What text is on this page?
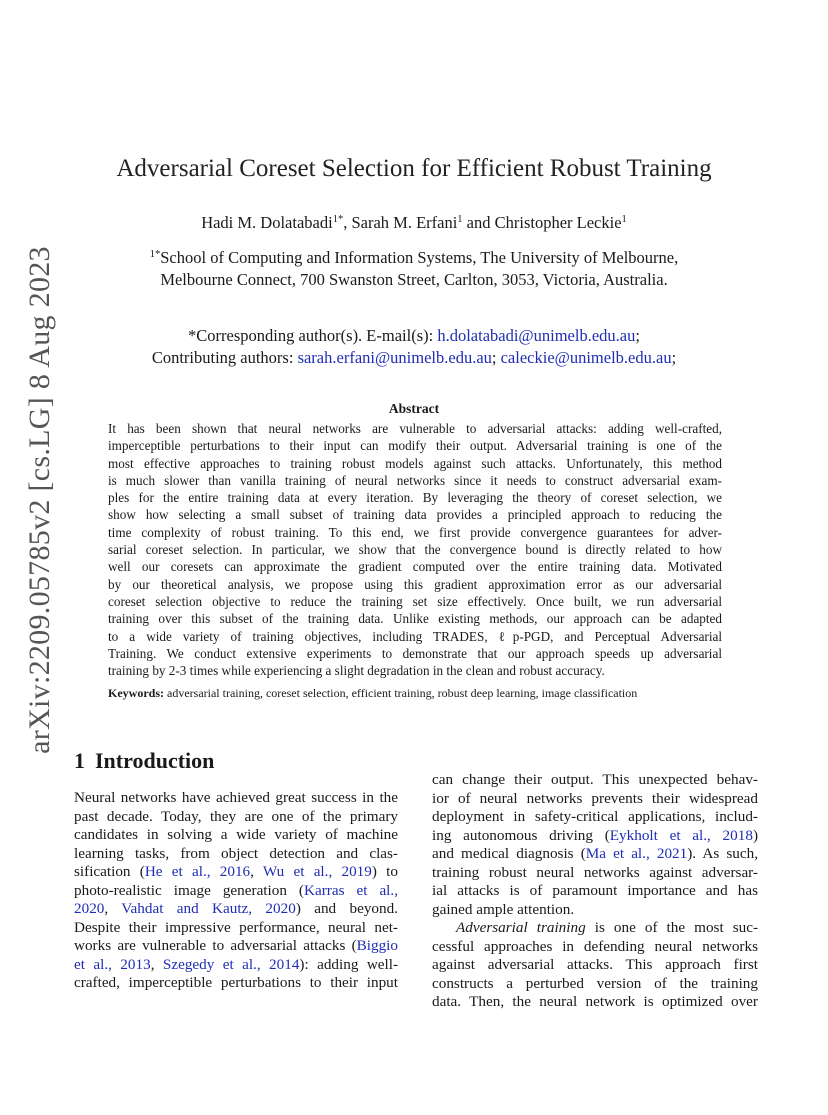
arXiv:2209.05785v2 [cs.LG] 8 Aug 2023
Adversarial Coreset Selection for Efficient Robust Training
Hadi M. Dolatabadi$^{1*}$, Sarah M. Erfani$^1$ and Christopher Leckie$^1$
$^{1*}$School of Computing and Information Systems, The University of Melbourne,
Melbourne Connect, 700 Swanston Street, Carlton, 3053, Victoria, Australia.
*Corresponding author(s). E-mail(s): h.dolatabadi@unimelb.edu.au;
Contributing authors: sarah.erfani@unimelb.edu.au; caleckie@unimelb.edu.au;
Abstract
It has been shown that neural networks are vulnerable to adversarial attacks: adding well-crafted,
imperceptible perturbations to their input can modify their output. Adversarial training is one of the
most effective approaches to training robust models against such attacks. Unfortunately, this method
is much slower than vanilla training of neural networks since it needs to construct adversarial exam-
ples for the entire training data at every iteration. By leveraging the theory of coreset selection, we
show how selecting a small subset of training data provides a principled approach to reducing the
time complexity of robust training. To this end, we first provide convergence guarantees for adver-
sarial coreset selection. In particular, we show that the convergence bound is directly related to how
well our coresets can approximate the gradient computed over the entire training data. Motivated
by our theoretical analysis, we propose using this gradient approximation error as our adversarial
coreset selection objective to reduce the training set size effectively. Once built, we run adversarial
training over this subset of the training data. Unlike existing methods, our approach can be adapted
to a wide variety of training objectives, including TRADES, ℓp-PGD, and Perceptual Adversarial
Training. We conduct extensive experiments to demonstrate that our approach speeds up adversarial
training by 2-3 times while experiencing a slight degradation in the clean and robust accuracy.
Keywords: adversarial training, coreset selection, efficient training, robust deep learning, image classification
1 Introduction
Neural networks have achieved great success in the
past decade. Today, they are one of the primary
candidates in solving a wide variety of machine
learning tasks, from object detection and clas-
sification (He et al., 2016, Wu et al., 2019) to
photo-realistic image generation (Karras et al.,
2020, Vahdat and Kautz, 2020) and beyond.
Despite their impressive performance, neural net-
works are vulnerable to adversarial attacks (Biggio
et al., 2013, Szegedy et al., 2014): adding well-
crafted, imperceptible perturbations to their input
can change their output. This unexpected behav-
ior of neural networks prevents their widespread
deployment in safety-critical applications, includ-
ing autonomous driving (Eykholt et al., 2018)
and medical diagnosis (Ma et al., 2021). As such,
training robust neural networks against adversar-
ial attacks is of paramount importance and has
gained ample attention.
Adversarial training is one of the most suc-
cessful approaches in defending neural networks
against adversarial attacks. This approach first
constructs a perturbed version of the training
data. Then, the neural network is optimized over
